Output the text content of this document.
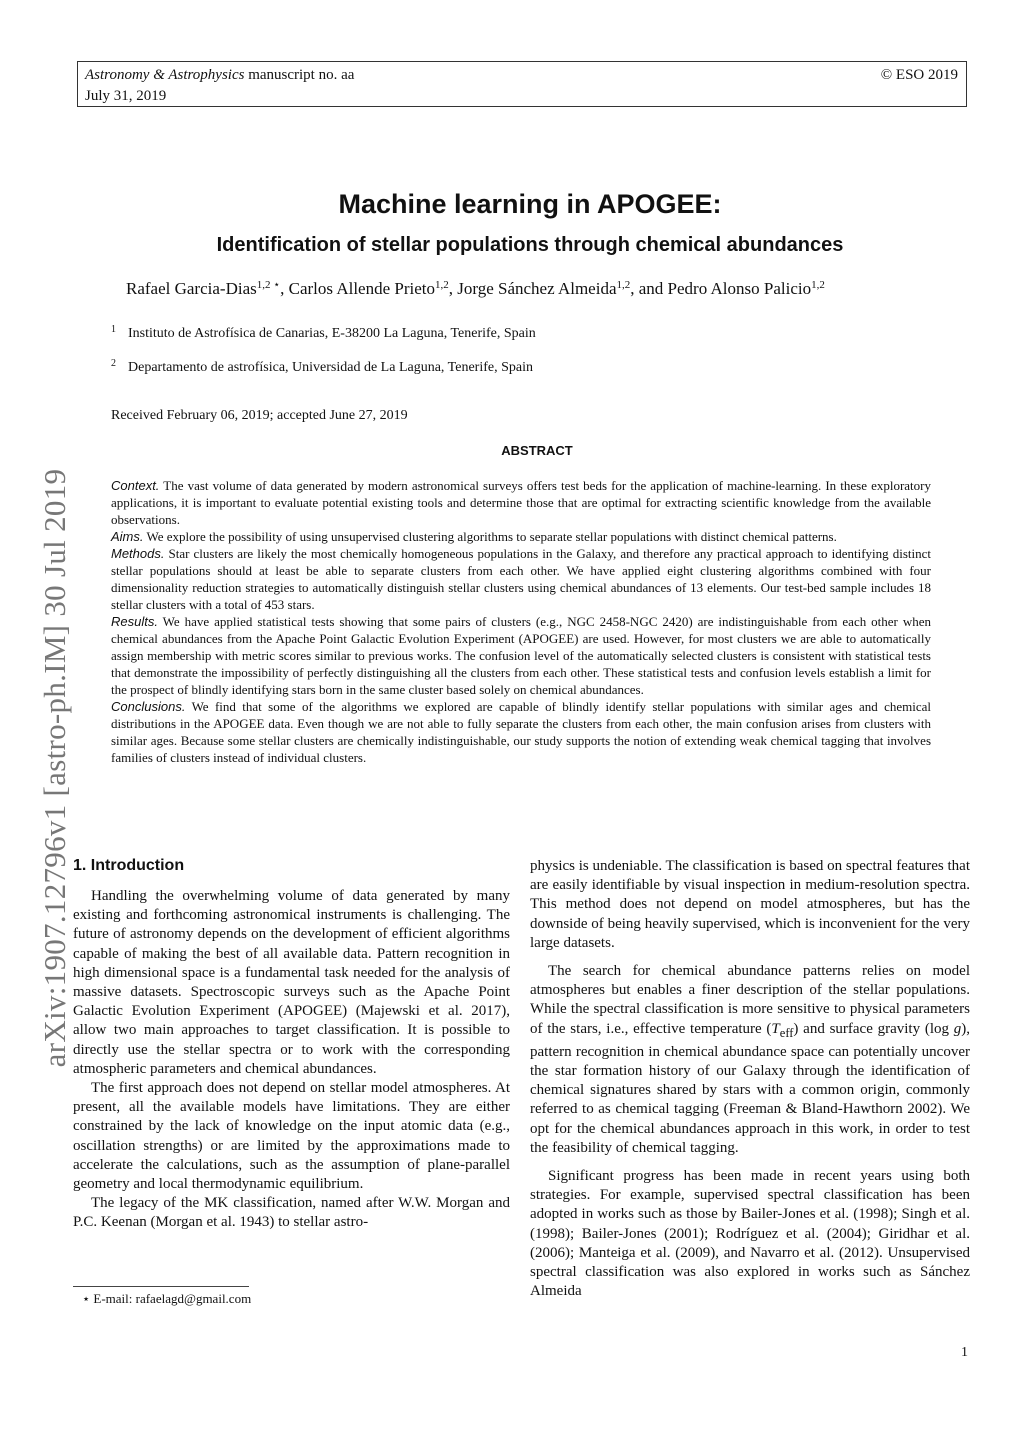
Astronomy & Astrophysics manuscript no. aa	© ESO 2019
July 31, 2019
arXiv:1907.12796v1 [astro-ph.IM] 30 Jul 2019
Machine learning in APOGEE:
Identification of stellar populations through chemical abundances
Rafael Garcia-Dias$^{1,2 ⋆}$, Carlos Allende Prieto$^{1,2}$, Jorge Sánchez Almeida$^{1,2}$, and Pedro Alonso Palicio$^{1,2}$
$^1$ Instituto de Astrofísica de Canarias, E-38200 La Laguna, Tenerife, Spain
$^2$ Departamento de astrofísica, Universidad de La Laguna, Tenerife, Spain
Received February 06, 2019; accepted June 27, 2019
ABSTRACT

Context. The vast volume of data generated by modern astronomical surveys offers test beds for the application of machine-learning. In these exploratory applications, it is important to evaluate potential existing tools and determine those that are optimal for extracting scientific knowledge from the available observations.

Aims. We explore the possibility of using unsupervised clustering algorithms to separate stellar populations with distinct chemical patterns.

Methods. Star clusters are likely the most chemically homogeneous populations in the Galaxy, and therefore any practical approach to identifying distinct stellar populations should at least be able to separate clusters from each other. We have applied eight clustering algorithms combined with four dimensionality reduction strategies to automatically distinguish stellar clusters using chemical abundances of 13 elements. Our test-bed sample includes 18 stellar clusters with a total of 453 stars.

Results. We have applied statistical tests showing that some pairs of clusters (e.g., NGC 2458-NGC 2420) are indistinguishable from each other when chemical abundances from the Apache Point Galactic Evolution Experiment (APOGEE) are used. However, for most clusters we are able to automatically assign membership with metric scores similar to previous works. The confusion level of the automatically selected clusters is consistent with statistical tests that demonstrate the impossibility of perfectly distinguishing all the clusters from each other. These statistical tests and confusion levels establish a limit for the prospect of blindly identifying stars born in the same cluster based solely on chemical abundances.

Conclusions. We find that some of the algorithms we explored are capable of blindly identify stellar populations with similar ages and chemical distributions in the APOGEE data. Even though we are not able to fully separate the clusters from each other, the main confusion arises from clusters with similar ages. Because some stellar clusters are chemically indistinguishable, our study supports the notion of extending weak chemical tagging that involves families of clusters instead of individual clusters.

1. Introduction

Handling the overwhelming volume of data generated by many existing and forthcoming astronomical instruments is challenging. The future of astronomy depends on the development of efficient algorithms capable of making the best of all available data. Pattern recognition in high dimensional space is a fundamental task needed for the analysis of massive datasets. Spectroscopic surveys such as the Apache Point Galactic Evolution Experiment (APOGEE) (Majewski et al. 2017), allow two main approaches to target classification. It is possible to directly use the stellar spectra or to work with the corresponding atmospheric parameters and chemical abundances.

The first approach does not depend on stellar model atmospheres. At present, all the available models have limitations. They are either constrained by the lack of knowledge on the input atomic data (e.g., oscillation strengths) or are limited by the approximations made to accelerate the calculations, such as the assumption of plane-parallel geometry and local thermodynamic equilibrium.

The legacy of the MK classification, named after W.W. Morgan and P.C. Keenan (Morgan et al. 1943) to stellar astro-

physics is undeniable. The classification is based on spectral features that are easily identifiable by visual inspection in medium-resolution spectra. This method does not depend on model atmospheres, but has the downside of being heavily supervised, which is inconvenient for the very large datasets.

The search for chemical abundance patterns relies on model atmospheres but enables a finer description of the stellar populations. While the spectral classification is more sensitive to physical parameters of the stars, i.e., effective temperature $(T_{eff})$ and surface gravity (log g), pattern recognition in chemical abundance space can potentially uncover the star formation history of our Galaxy through the identification of chemical signatures shared by stars with a common origin, commonly referred to as chemical tagging (Freeman & Bland-Hawthorn 2002). We opt for the chemical abundances approach in this work, in order to test the feasibility of chemical tagging.

Significant progress has been made in recent years using both strategies. For example, supervised spectral classification has been adopted in works such as those by Bailer-Jones et al. (1998); Singh et al. (1998); Bailer-Jones (2001); Rodríguez et al. (2004); Giridhar et al. (2006); Manteiga et al. (2009), and Navarro et al. (2012). Unsupervised spectral classification was also explored in works such as Sánchez Almeida

⋆ E-mail: rafaelagd@gmail.com
1
